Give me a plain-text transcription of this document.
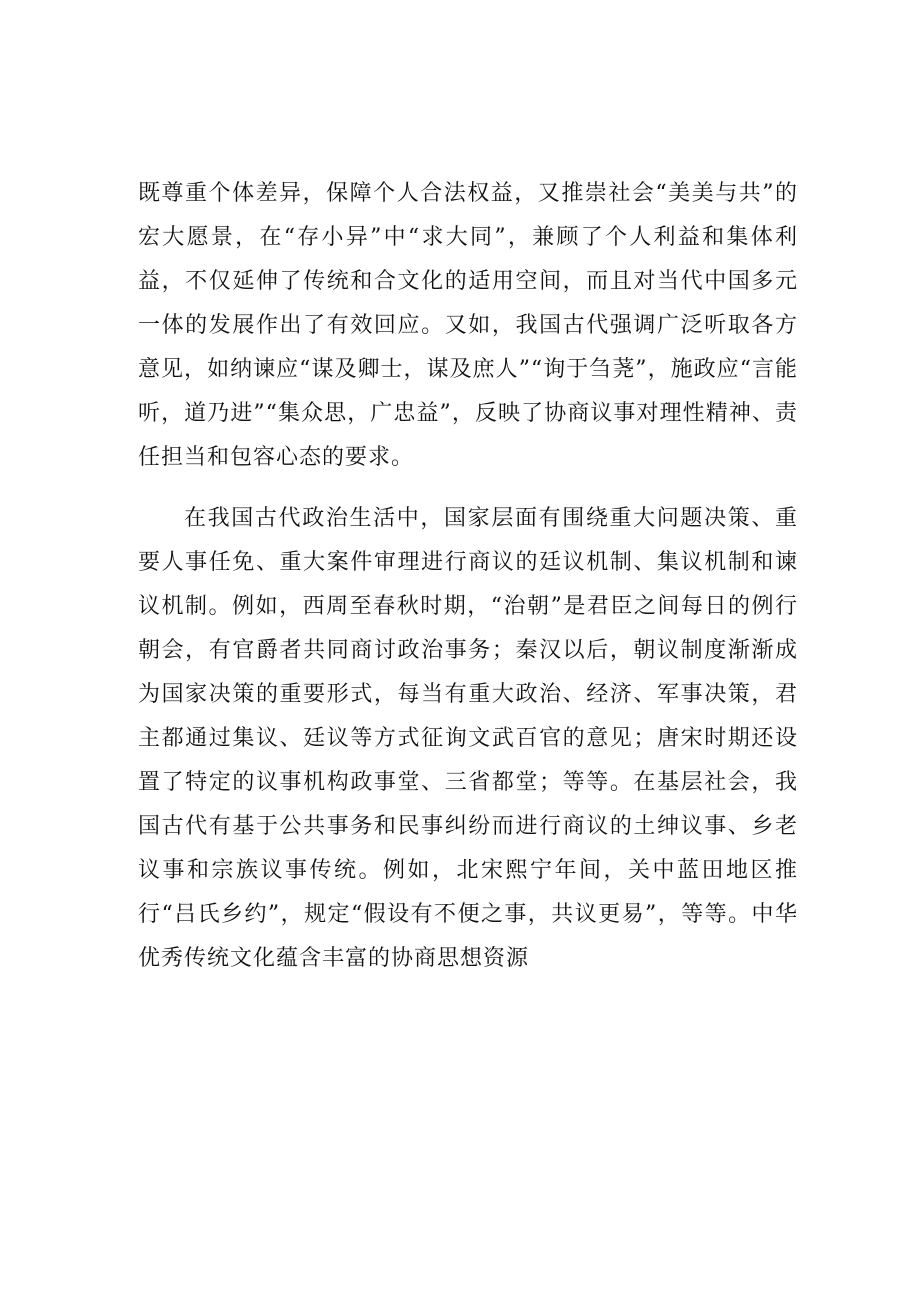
既尊重个体差异，保障个人合法权益，又推崇社会“美美与共”的宏大愿景，在“存小异”中“求大同”，兼顾了个人利益和集体利益，不仅延伸了传统和合文化的适用空间，而且对当代中国多元一体的发展作出了有效回应。又如，我国古代强调广泛听取各方意见，如纳谏应“谋及卿士，谋及庶人”“询于刍荛”，施政应“言能听，道乃进”“集众思，广忠益”，反映了协商议事对理性精神、责任担当和包容心态的要求。

在我国古代政治生活中，国家层面有围绕重大问题决策、重要人事任免、重大案件审理进行商议的廷议机制、集议机制和谏议机制。例如，西周至春秋时期，“治朝”是君臣之间每日的例行朝会，有官爵者共同商讨政治事务；秦汉以后，朝议制度渐渐成为国家决策的重要形式，每当有重大政治、经济、军事决策，君主都通过集议、廷议等方式征询文武百官的意见；唐宋时期还设置了特定的议事机构政事堂、三省都堂；等等。在基层社会，我国古代有基于公共事务和民事纠纷而进行商议的土绅议事、乡老议事和宗族议事传统。例如，北宋熙宁年间，关中蓝田地区推行“吕氏乡约”，规定“假设有不便之事，共议更易”，等等。中华优秀传统文化蕴含丰富的协商思想资源
